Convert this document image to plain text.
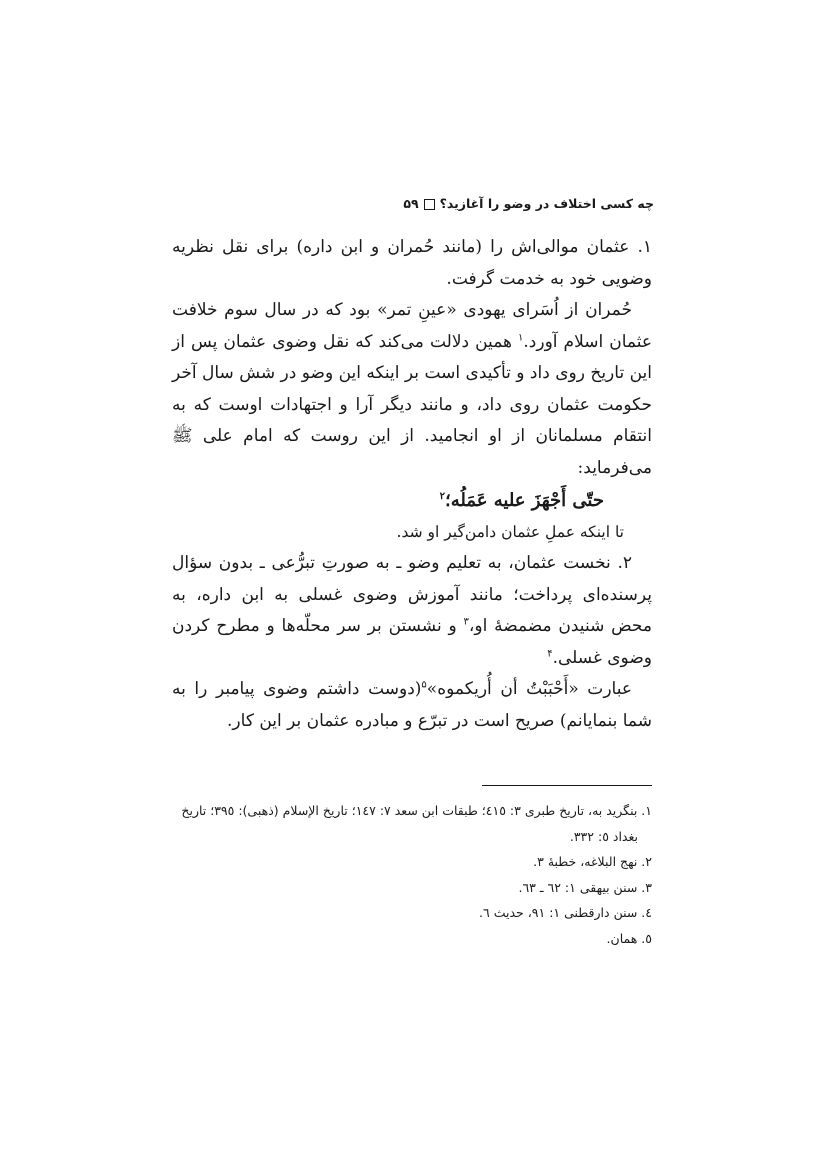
چه کسی اختلاف در وضو را آغازید؟۵۹

۱. عثمان موالی‌اش را (مانند حُمران و ابن داره) برای نقل نظریه وضویی خود به خدمت گرفت.

حُمران از اُسَرای یهودی «عینِ تمر» بود که در سال سوم خلافت عثمان اسلام آورد.$^۱$ همین دلالت می‌کند که نقل وضوی عثمان پس از این تاریخ روی داد و تأکیدی است بر اینکه این وضو در شش سال آخر حکومت عثمان روی داد، و مانند دیگر آرا و اجتهادات اوست که به انتقام مسلمانان از او انجامید. از این روست که امام علی ﷺ می‌فرماید:

حتّی أَجْهَزَ علیه عَمَلُه؛$^۲$

تا اینکه عملِ عثمان دامن‌گیر او شد.

۲. نخست عثمان، به تعلیم وضو ـ به صورتِ تبرُّعی ـ بدون سؤال پرسنده‌ای پرداخت؛ مانند آموزش وضوی غسلی به ابن داره، به محض شنیدن مضمضهٔ او،$^۳$ و نشستن بر سر محلّه‌ها و مطرح کردن وضوی غسلی.$^۴$

عبارت «أَحْبَبْتُ أن أُریکموه»$^۵$(دوست داشتم وضوی پیامبر را به شما بنمایانم) صریح است در تبرّع و مبادره عثمان بر این کار.

۱. بنگرید به، تاریخ طبری ۳: ٤١٥؛ طبقات ابن سعد ۷: ١٤٧؛ تاریخ الإسلام (ذهبی): ٣٩٥؛ تاریخ

بغداد ٥: ٣٣٢.

۲. نهج البلاغه، خطبهٔ ۳.

۳. سنن بیهقی ١: ٦٢ ـ ٦٣.

٤. سنن دارقطنی ١: ٩١، حدیث ٦.

٥. همان.
